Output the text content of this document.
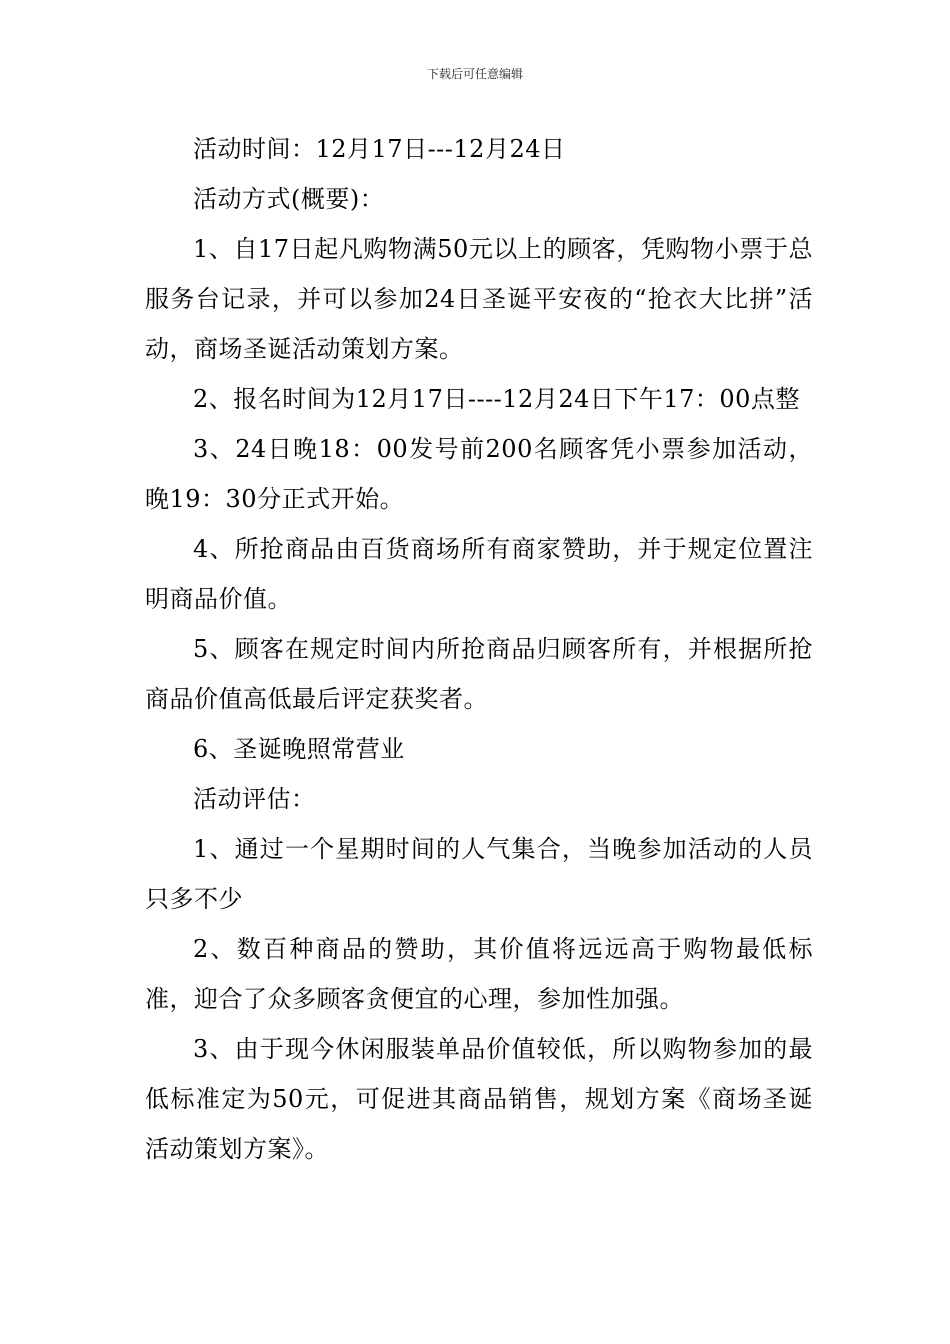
下载后可任意编辑

活动时间：12月17日---12月24日

活动方式(概要)：

1、自17日起凡购物满50元以上的顾客，凭购物小票于总服务台记录，并可以参加24日圣诞平安夜的“抢衣大比拼”活动，商场圣诞活动策划方案。

2、报名时间为12月17日----12月24日下午17：00点整

3、24日晚18：00发号前200名顾客凭小票参加活动，晚19：30分正式开始。

4、所抢商品由百货商场所有商家赞助，并于规定位置注明商品价值。

5、顾客在规定时间内所抢商品归顾客所有，并根据所抢商品价值高低最后评定获奖者。

6、圣诞晚照常营业

活动评估：

1、通过一个星期时间的人气集合，当晚参加活动的人员只多不少

2、数百种商品的赞助，其价值将远远高于购物最低标准，迎合了众多顾客贪便宜的心理，参加性加强。

3、由于现今休闲服装单品价值较低，所以购物参加的最低标准定为50元，可促进其商品销售，规划方案《商场圣诞活动策划方案》。
